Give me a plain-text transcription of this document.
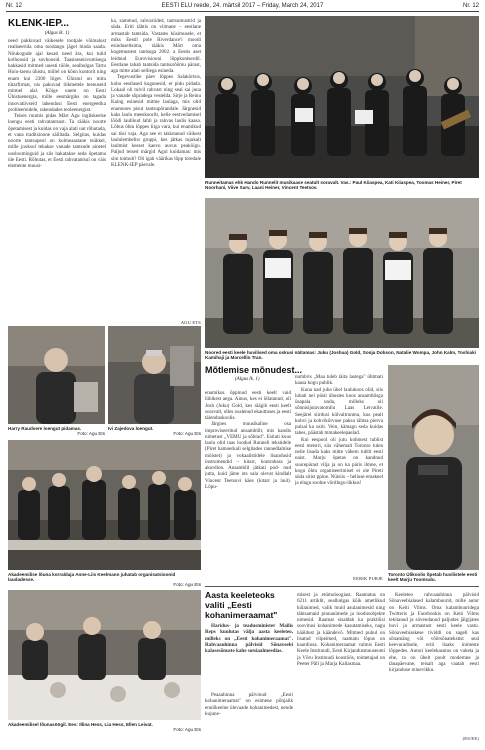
Nr. 12	EESTI ELU reede, 24. märtsil 2017 – Friday, March 24, 2017	Nr. 12
KLENK-IEP...
(Algus lk. 1)

need pakkuvad väikesele tootjale võimalust realiseerida oma toodangu jägel hinda saada. Nõukogude ajal kesati need ära, kui tulid kolhoosid ja sovhoosid. Taasiseseisvumisega hakkasid mitmed uuesti tööle, sealhulgas Tartu Hoiu-laenu ühistu, millel on kõnn kontorit ning enam kui 2300 liiget. Ühistul on mitu tütarfirmat, nis pakuvad liikmetele teenuseid mitmel alal. Kõige uuem on Eesti Ühistuenergia, mille eesmärgiks on tagada innovatiivseid lahendusi Eesti energeetika probleemidele, rakendades teoleenergiat.

Teises ruumis pidas Märt Agu ingliskeelse loengu eesti rahvatantsust. Ta rääkis noorte õpetamisest ja kuidas on vaja alati uut rõhutada, et vana traditsioone säilitada. Selgitas, kuidas noorte tantsupeol on kolmeaastane tsükkel, mille jooksul tehakse vanade tantsude ainetel uusloominguid ja siis hakatakse seda õpetama üle Eesti. Rõhutas, et Eesti rahvatantsul on väis elemente muusi-

ka, sammud, rahvariided, tantsumustrid ja süda. Eriti tähtis on viimane – eestlane armastab tantsida. Vastates küsimusele, et miks Eestil pole Riverdance'i moodi esinduseltsima, rääkis Märt oma kogemustest tantsuga 2002. a Eestis aset leidnud Eurovisiooni lõppkontserdil. Eestlane tahab tantsida tantsurõõmu pärast, aga mitte alati selliega esineda.

Tegevustihe päev lõppes Salakõrtsis, kuhu eestlased kogunesid, et pidu pidada. Lokaal oli tulvil rahvast ning seal sai juua ja vanade sõpradega vestelda. Sirje ja Reinu Kaing esinesid mitme laulaga, mis olid enamuses pisut tantsupõrandale. Järgnesid kaks laulu meeskoorilt, kelle eestvedamisel lõõdi laulikud lahti ja rahvas laulis kaasa. Lõbus õhtu lõppes liiga vara, kui enamikud sai tüsi vaja. Aga see ei takistanud väikest laululembelist gruppi, kes jätkas tujukalt laulmist kesset kaevu auvus peakõigu. Paljud teised märgid Agul kuidamas: mis siin toimub? Oli igati väärikas lõpp toredale KLENK-IEP päevale.

AGU ETS
Runneitamas ehk Hando Runnelit musikaase seatult soravalt. Vas.: Paul Kiiaspea, Kati Kiiaspea, Toomas Heiner, Piret Noorhani, Viive Sarv, Laani Heiner, Vincent Teetsov.
Noored eesti keele huvilised oma oskusi näitamas: Juku (Joshua) Gold, Sonja Dobson, Natalie Wompa, John Kalm, Toshiaki Kamihaji ja Marcellin Tran.
Harry Raudvere loengut pidamas.
Foto: Agu Ets
Ivi Zajedova loengut.
Foto: Agu Ets
Akadeemilise lõuna korraldaja Anne-Liis Keelmann juhatab organisatsioonid laudadesse.
Foto: Agu Ets
Akadeemilisel lõunasöögil. Ees: Illina Hess, Lia Hess, Ellen Leivat.
Foto: Agu Ets
Mõtlemise mõnudest...
(Algus lk. 1)

enamikus õppinud eesti keelt vaid lühikest aega. Ainus, kes ei õllatanud, oli Josh (Juku) Gold, kes räägib eesti keelt soravalt, olles osalenud ekauttuses ja eesti täienduskoolis.

Järgnes muusikaline osa improviseeritud ansamblilt, mis kandis nimetust „VEMU ja sõbrad". Esitati kuus laulu olid taas loodud Runneli tekstidele (Piret hamoerkali selgitades rannedlamise mõistet) ja vokaalistidele lisandusid instrumendid – kitarr, kontrabass ja akordion. Ansamblil jätkati pod- nud jutta, kuid jäme ots sala olevat kindlalt Vincent Teetsovi käes (kitarr ja laul). Lõpu-

numbris „Maa tuleb täita lastega" ühtmati kaasa kogu publik.

Kuna nad juba ühel laulukoos olid, siis lubati nei püsti ühustes koos ansamblisga üsapala unda, milleks oli sõnnisijutavatomliu Laas Leivatile. Seejärel siirdusi külvaltrunmu, kus pealt kohvi ja kohvikürvuse paksu tähtsa pierva pulsal ka usiti. Vein, kämagu seda kuidas tahes, päästab mmakeelepaelad.

Kui eespool oli jutu kohmest tublist eesti meistri, siis vähemalt Toronto tulen neile lisada kaks mitte vähem tublit eesti naist. Marju õpetas on kandnud suurepärast vilja ja on ka päris ilmne, et kogu õhtu organiseerimisel ei ole Pireti süda sitist ppine. Nüisiis – heliuse emakeel ja elugu soolne võrdlugu-likkus!

EERIK PURJE
Toronto Ülikoolis õpetab huvilistele eesti keelt Marju Toomsalu.
Aasta keeleteoks
valiti „Eesti
kohanimeraamat"

Haridus- ja teadusminister Mailis Reps kuulutas välja aasta keeleteo, milleks on „Eesti kohanimeraamat". Rahvaauhinna pälvisid Sõnaveebi kalasesõnuste kahe sotsiaalmeedias.

Peaauhinna pälvinud „Eesti kohanimeraamat" on esimene põhjalik ennlikeelne ülevaade kohanimedest, nende kujune-

misest ja etümoloogiast. Raamatus on 6211 artiklit, sealhulgas kõik ametlikud külanimed, valik muid asulanimesid ning tähtsamaid pinnanimede ja loodusobjekte nimesid. Raamat sisaldab ka praktilisi soovitusi kohanimede kasutamiseks, nagu hääldust ja käändevõ. Mitmed puhul on lisatud viipeimed, raamatu lõpus on kaardiosa. Kohanimeraamat valmis Eesti Keele Instituudi, Eesti Kirjandusmuuseumi ja Võru Instituudi koostöös, toimetajad on Peeter Päll ja Marja Kallasmaa.

Keeleteo rahvaauhinna pälvisid Sõnaveebialased kalambuurid, mille autor on Keiti Vilms. Oma kalambuuridega Twitteris ja Facebookis on Keiti Vilms tekitanud ja süvendanud paljudes jälgijates huvi ja armastust eesti keele vastu. Sõnaveebiaskese tividdi on sageli kas sõnamäng või võõrsõnatekstist seal keevuradisele, eriti lisaks inimeste lõppedes. Autori keelekasutus on vaheta ja ehe, ta on ühelt poolt modernne ja tänapäevane, teisalt aga vaatab eesti kirjanduse minevikku.

(ES/EE)
